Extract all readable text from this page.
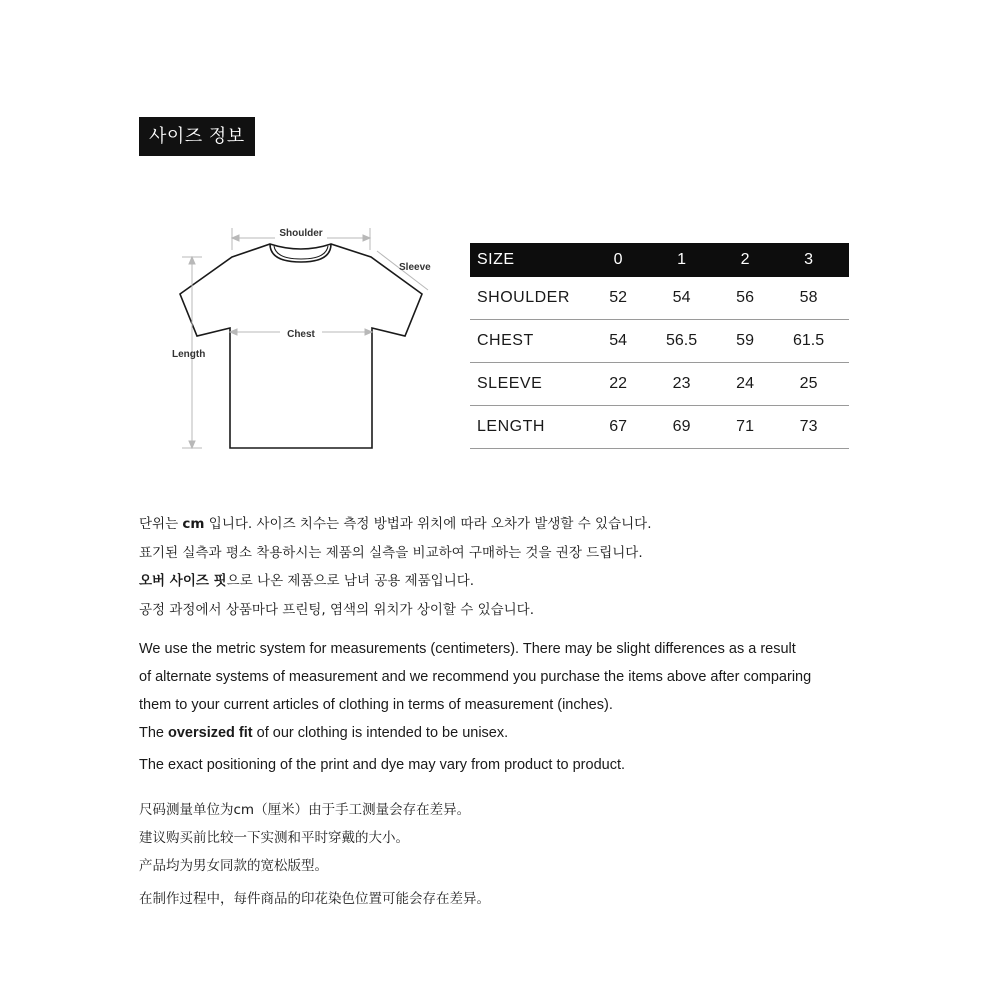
사이즈 정보
Shoulder
Sleeve
Chest
Length
SIZE	0	1	2	3
SHOULDER	52	54	56	58
CHEST	54	56.5	59	61.5
SLEEVE	22	23	24	25
LENGTH	67	69	71	73
단위는 cm 입니다. 사이즈 치수는 측정 방법과 위치에 따라 오차가 발생할 수 있습니다.
표기된 실측과 평소 착용하시는 제품의 실측을 비교하여 구매하는 것을 권장 드립니다.
오버 사이즈 핏으로 나온 제품으로 남녀 공용 제품입니다.
공정 과정에서 상품마다 프린팅, 염색의 위치가 상이할 수 있습니다.
We use the metric system for measurements (centimeters). There may be slight differences as a result
of alternate systems of measurement and we recommend you purchase the items above after comparing
them to your current articles of clothing in terms of measurement (inches).
The oversized fit of our clothing is intended to be unisex.
The exact positioning of the print and dye may vary from product to product.
尺码测量单位为cm（厘米）由于手工测量会存在差异。
建议购买前比较一下实测和平时穿戴的大小。
产品均为男女同款的宽松版型。
在制作过程中，每件商品的印花染色位置可能会存在差异。
